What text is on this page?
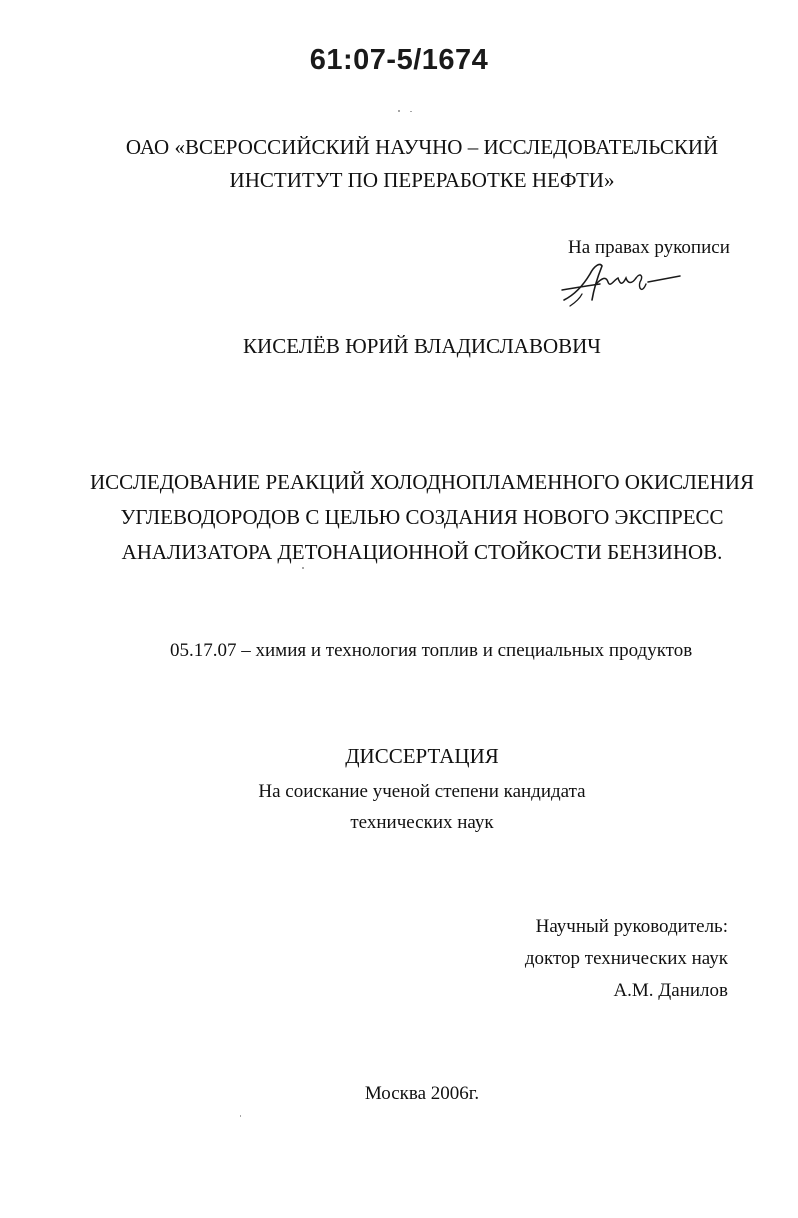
61:07-5/1674

ОАО «ВСЕРОССИЙСКИЙ НАУЧНО – ИССЛЕДОВАТЕЛЬСКИЙ
ИНСТИТУТ ПО ПЕРЕРАБОТКЕ НЕФТИ»

На правах рукописи

КИСЕЛЁВ ЮРИЙ ВЛАДИСЛАВОВИЧ

ИССЛЕДОВАНИЕ РЕАКЦИЙ ХОЛОДНОПЛАМЕННОГО ОКИСЛЕНИЯ
УГЛЕВОДОРОДОВ С ЦЕЛЬЮ СОЗДАНИЯ НОВОГО ЭКСПРЕСС
АНАЛИЗАТОРА ДЕТОНАЦИОННОЙ СТОЙКОСТИ БЕНЗИНОВ.

05.17.07 – химия и технология топлив и специальных продуктов

ДИССЕРТАЦИЯ

На соискание ученой степени кандидата
технических наук
Научный руководитель:
доктор технических наук
А.М. Данилов

Москва 2006г.
